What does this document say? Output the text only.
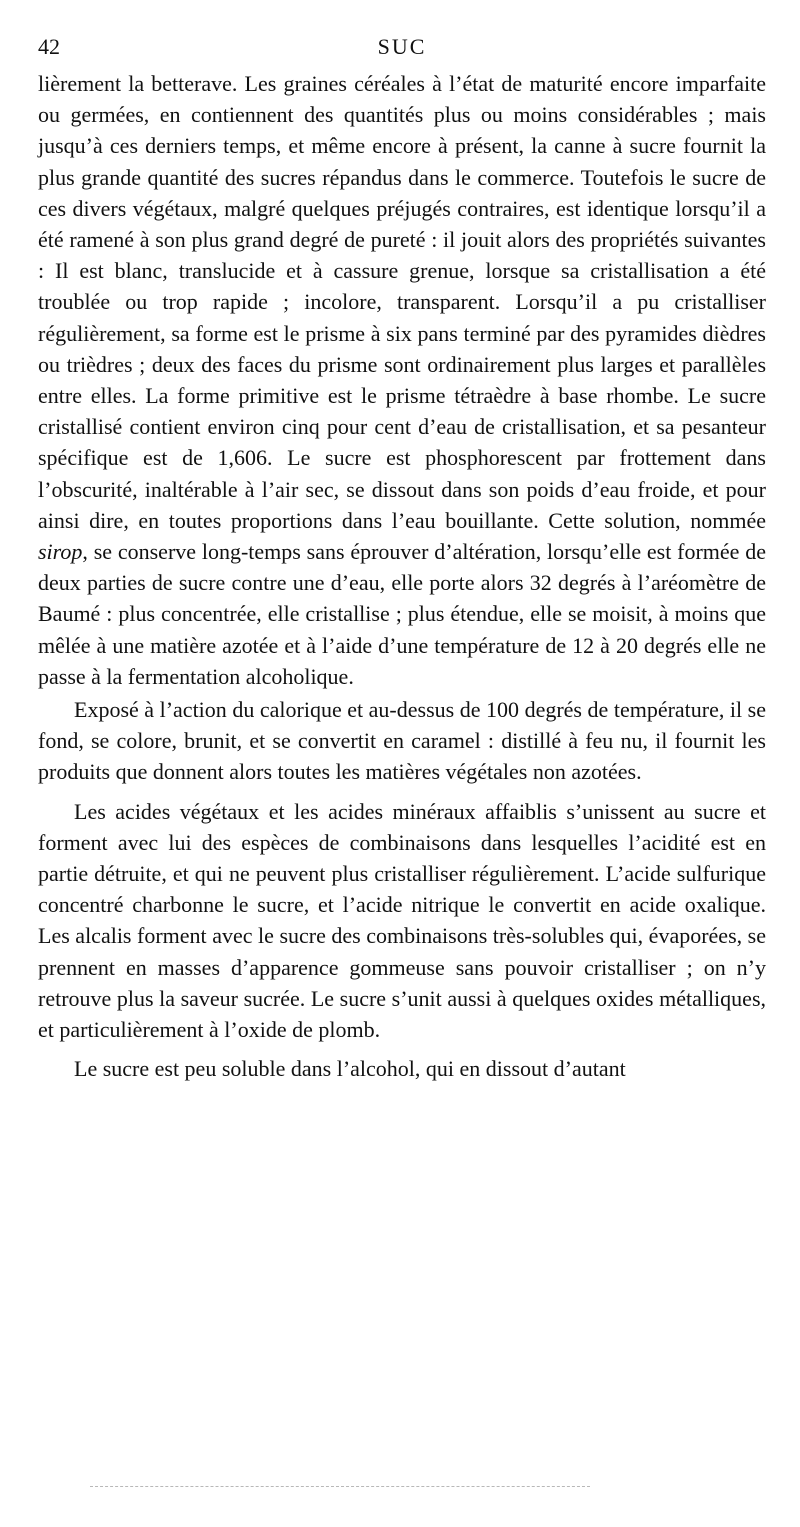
42	SUC

lièrement la betterave. Les graines céréales à l’état de maturité encore imparfaite ou germées, en contiennent des quantités plus ou moins considérables ; mais jusqu’à ces derniers temps, et même encore à présent, la canne à sucre fournit la plus grande quantité des sucres répandus dans le commerce. Toutefois le sucre de ces divers végétaux, malgré quelques préjugés contraires, est identique lorsqu’il a été ramené à son plus grand degré de pureté : il jouit alors des propriétés suivantes : Il est blanc, translucide et à cassure grenue, lorsque sa cristallisation a été troublée ou trop rapide ; incolore, transparent. Lorsqu’il a pu cristalliser régulièrement, sa forme est le prisme à six pans terminé par des pyramides dièdres ou trièdres ; deux des faces du prisme sont ordinairement plus larges et parallèles entre elles. La forme primitive est le prisme tétraèdre à base rhombe. Le sucre cristallisé contient environ cinq pour cent d’eau de cristallisation, et sa pesanteur spécifique est de 1,606. Le sucre est phosphorescent par frottement dans l’obscurité, inaltérable à l’air sec, se dissout dans son poids d’eau froide, et pour ainsi dire, en toutes proportions dans l’eau bouillante. Cette solution, nommée sirop, se conserve long-temps sans éprouver d’altération, lorsqu’elle est formée de deux parties de sucre contre une d’eau, elle porte alors 32 degrés à l’aréomètre de Baumé : plus concentrée, elle cristallise ; plus étendue, elle se moisit, à moins que mêlée à une matière azotée et à l’aide d’une température de 12 à 20 degrés elle ne passe à la fermentation alcoholique.

Exposé à l’action du calorique et au-dessus de 100 degrés de température, il se fond, se colore, brunit, et se convertit en caramel : distillé à feu nu, il fournit les produits que donnent alors toutes les matières végétales non azotées.

Les acides végétaux et les acides minéraux affaiblis s’unissent au sucre et forment avec lui des espèces de combinaisons dans lesquelles l’acidité est en partie détruite, et qui ne peuvent plus cristalliser régulièrement. L’acide sulfurique concentré charbonne le sucre, et l’acide nitrique le convertit en acide oxalique. Les alcalis forment avec le sucre des combinaisons très-solubles qui, évaporées, se prennent en masses d’apparence gommeuse sans pouvoir cristalliser ; on n’y retrouve plus la saveur sucrée. Le sucre s’unit aussi à quelques oxides métalliques, et particulièrement à l’oxide de plomb.

Le sucre est peu soluble dans l’alcohol, qui en dissout d’autant
